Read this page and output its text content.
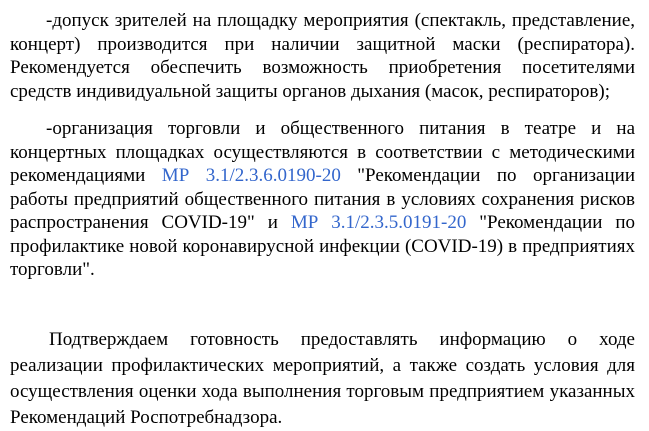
-допуск зрителей на площадку мероприятия (спектакль, представление, концерт) производится при наличии защитной маски (респиратора). Рекомендуется обеспечить возможность приобретения посетителями средств индивидуальной защиты органов дыхания (масок, респираторов);

-организация торговли и общественного питания в театре и на концертных площадках осуществляются в соответствии с методическими рекомендациями МР 3.1/2.3.6.0190-20 "Рекомендации по организации работы предприятий общественного питания в условиях сохранения рисков распространения COVID-19" и МР 3.1/2.3.5.0191-20 "Рекомендации по профилактике новой коронавирусной инфекции (COVID-19) в предприятиях торговли".

Подтверждаем готовность предоставлять информацию о ходе реализации профилактических мероприятий, а также создать условия для осуществления оценки хода выполнения торговым предприятием указанных Рекомендаций Роспотребнадзора.
